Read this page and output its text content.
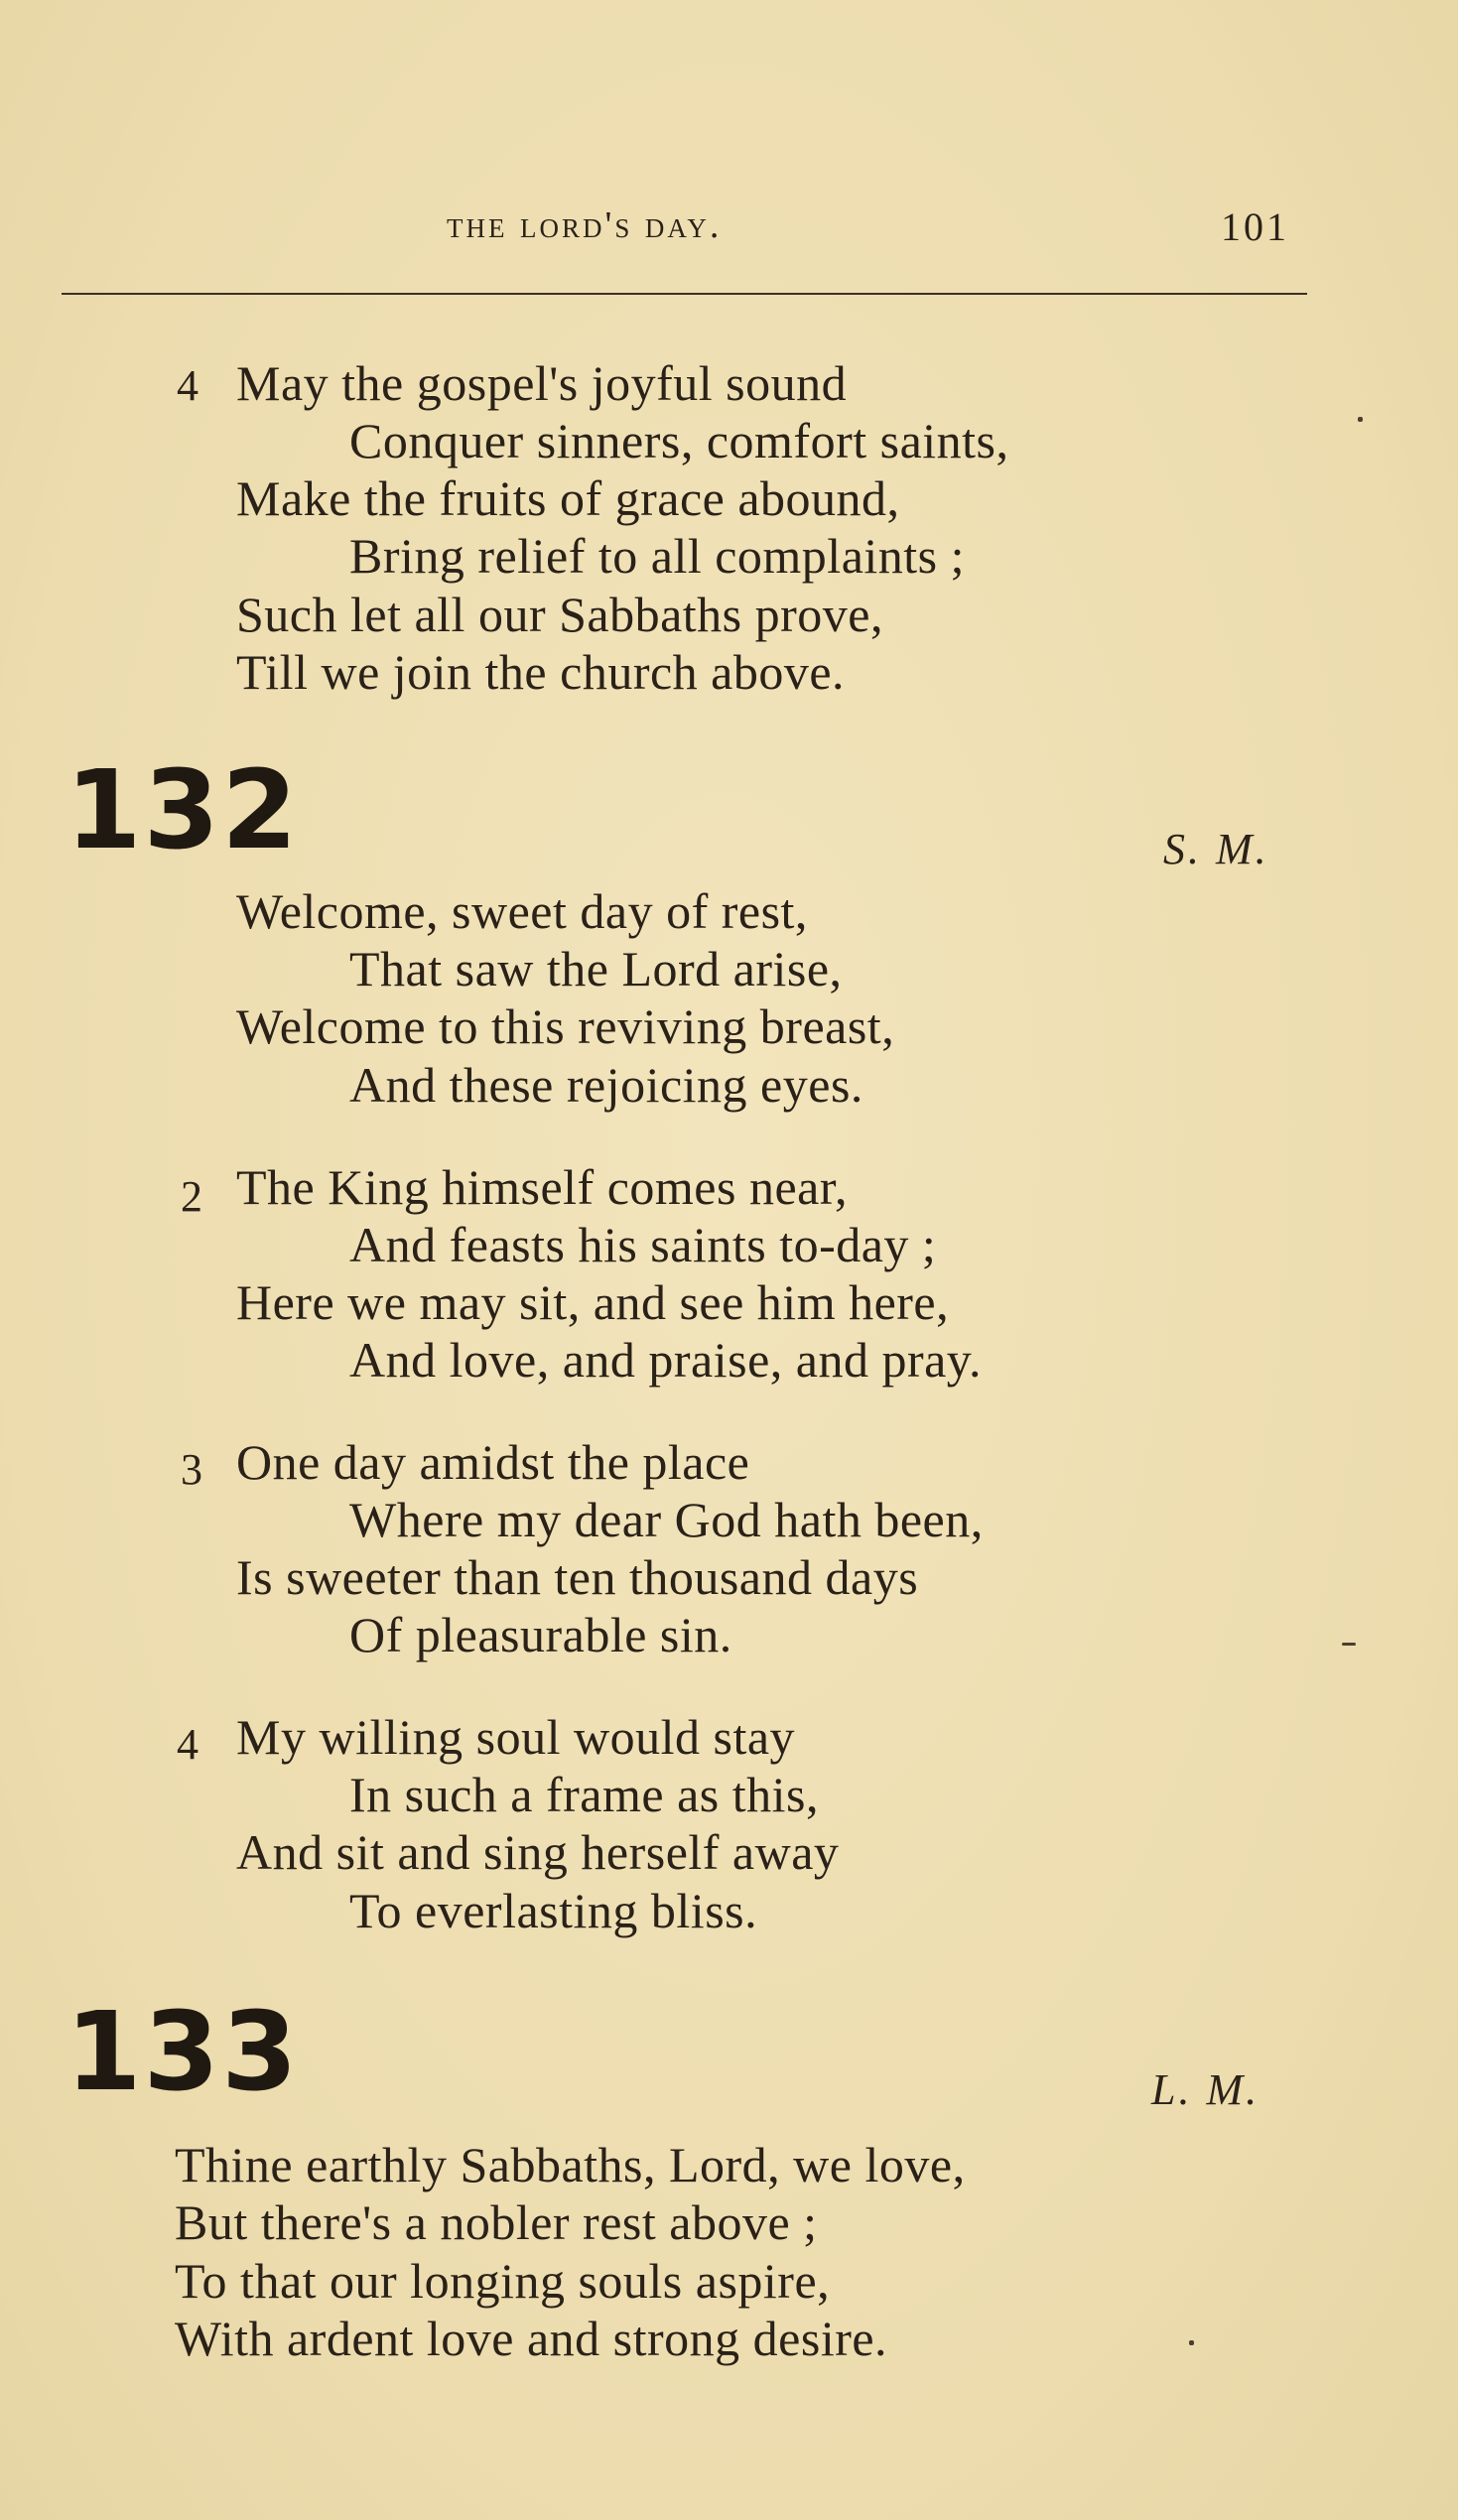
the lord's day.	101
4 May the gospel's joyful sound
Conquer sinners, comfort saints,
Make the fruits of grace abound,
Bring relief to all complaints ;
Such let all our Sabbaths prove,
Till we join the church above.
132	S. M.
Welcome, sweet day of rest,
That saw the Lord arise,
Welcome to this reviving breast,
And these rejoicing eyes.
2 The King himself comes near,
And feasts his saints to-day ;
Here we may sit, and see him here,
And love, and praise, and pray.
3 One day amidst the place
Where my dear God hath been,
Is sweeter than ten thousand days
Of pleasurable sin.
4 My willing soul would stay
In such a frame as this,
And sit and sing herself away
To everlasting bliss.
133	L. M.
Thine earthly Sabbaths, Lord, we love,
But there's a nobler rest above ;
To that our longing souls aspire,
With ardent love and strong desire.
